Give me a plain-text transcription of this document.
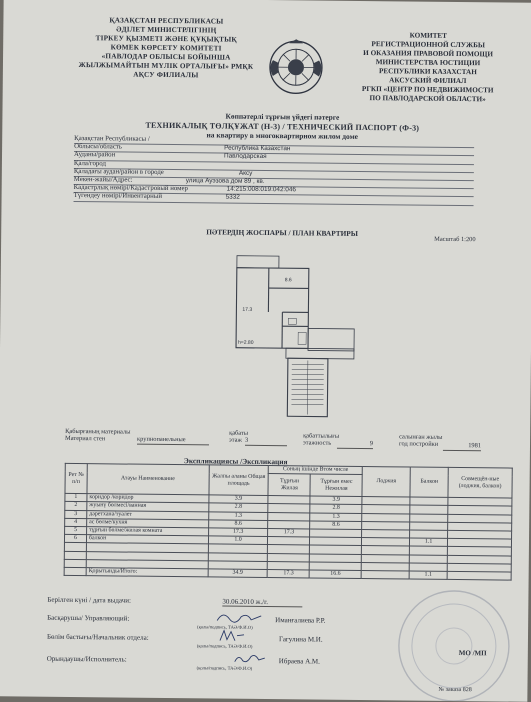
ҚАЗАҚСТАН РЕСПУБЛИКАСЫ
ӘДІЛЕТ МИНИСТРЛІГІНІҢ
ТІРКЕУ ҚЫЗМЕТІ ЖӘНЕ ҚҰҚЫҚТЫҚ
КӨМЕК КӨРСЕТУ КОМИТЕТІ
«ПАВЛОДАР ОБЛЫСЫ БОЙЫНША
ЖЫЛЖЫМАЙТЫН МҮЛІК ОРТАЛЫҒЫ» РМҚК
АҚСУ ФИЛИАЛЫ
КОМИТЕТ
РЕГИСТРАЦИОННОЙ СЛУЖБЫ
И ОКАЗАНИЯ ПРАВОВОЙ ПОМОЩИ
МИНИСТЕРСТВА ЮСТИЦИИ
РЕСПУБЛИКИ КАЗАХСТАН
АКСУСКИЙ ФИЛИАЛ
РГКП «ЦЕНТР ПО НЕДВИЖИМОСТИ
ПО ПАВЛОДАРСКОЙ ОБЛАСТИ»
Көппәтерлі тұрғын үйдегі пәтерге
ТЕХНИКАЛЫҚ ТӨЛҚҰЖАТ (Н-3) / ТЕХНИЧЕСКИЙ ПАСПОРТ (Ф-3)
на квартиру в многоквартирном жилом доме
Қазақстан Республикасы /
Облысы/область	Республика Казахстан
Ауданы/район	Павлодарская
Қала/город
Қаладағы аудан/район в городе	Аксу
Мекен-жайы/Адрес:	улица Ауэзова дом 89 , кв.
Кадастрлық нөмірі/Кадастровый номер	14:215:008:019:042:046
Түгендеу нөмірі/Инвентарный	5332
ПӘТЕРДІҢ ЖОСПАРЫ / ПЛАН КВАРТИРЫ
Масштаб 1:200
17.3
8.6
h=2.80
Қабырғаның материалы
Материал стен	крупнопанельные
қабаты
этаж 3
қабаттылығы
этажность	9
салынған жылы
год постройки	1981
Экспликациясы /Экспликация
Рет № п/п	Атауы Наименование	Жалпы аланы Общая площадь	Соның ішінде Втом числе		Лоджия	Балкон	Совмещён-ные (лоджия, балкон)
			Тұрғын Жилая	Тұрғын емес Нежилая			
1	коридор /коридор	3.9		3.9			
2	жуынү бөлмесі/ванная	2.8		2.8			
3	дәретхана/туалет	1.3		1.3			
4	ас бөлме/кухня	8.6		8.6			
5	тұрғын бөлме/жилая комната	17.3	17.3				
6	балкон	1.0				1.1	

	Қорытынды/Итого:	34.9	17.3	16.6		1.1	
Берілген күні / дата выдачи:	30.06.2010 ж./г.
Басқарушы/ Управляющий:	Иманғалиева Р.Р.
(қолы/подпись, ТАӘ/Ф.И.О)
Бөлім бастығы/Начальник отдела:	Гагулина М.И.
(қолы/подпись, ТАӘ/Ф.И.О)
Орындаушы/Исполнитель:	Ибраева А.М.
(қолы/подпись, ТАӘ/Ф.И.О)
МО /МП
№ заказа 828
